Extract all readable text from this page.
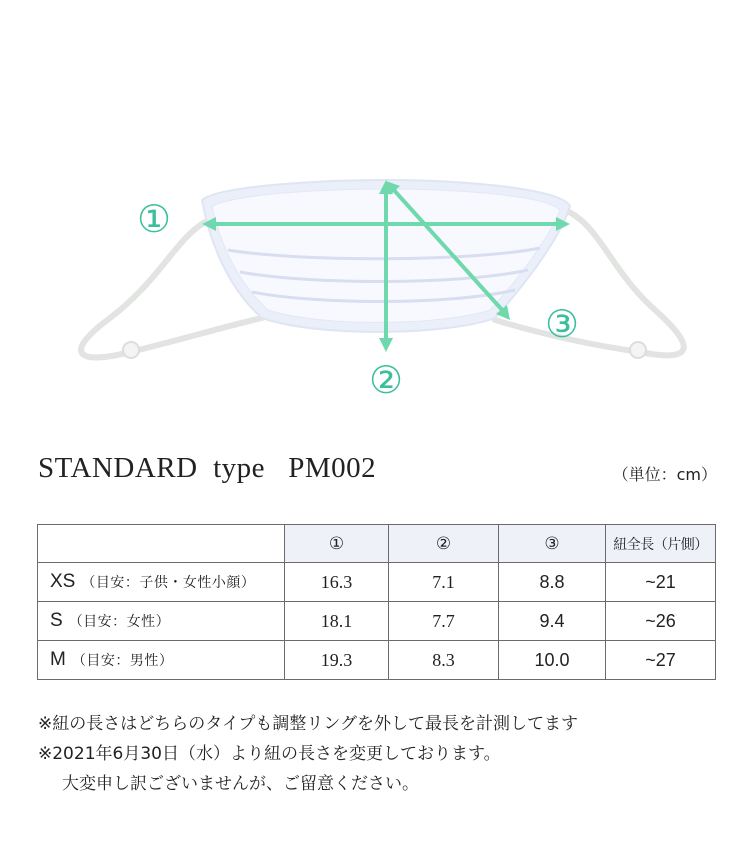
①
②
③
STANDARD  type   PM002	（単位：cm）
	①	②	③	紐全長（片側）
XS （目安：子供・女性小顔）	16.3	7.1	8.8	~21
S （目安：女性）	18.1	7.7	9.4	~26
M （目安：男性）	19.3	8.3	10.0	~27
※紐の長さはどちらのタイプも調整リングを外して最長を計測してます
※2021年6月30日（水）より紐の長さを変更しております。
大変申し訳ございませんが、ご留意ください。
